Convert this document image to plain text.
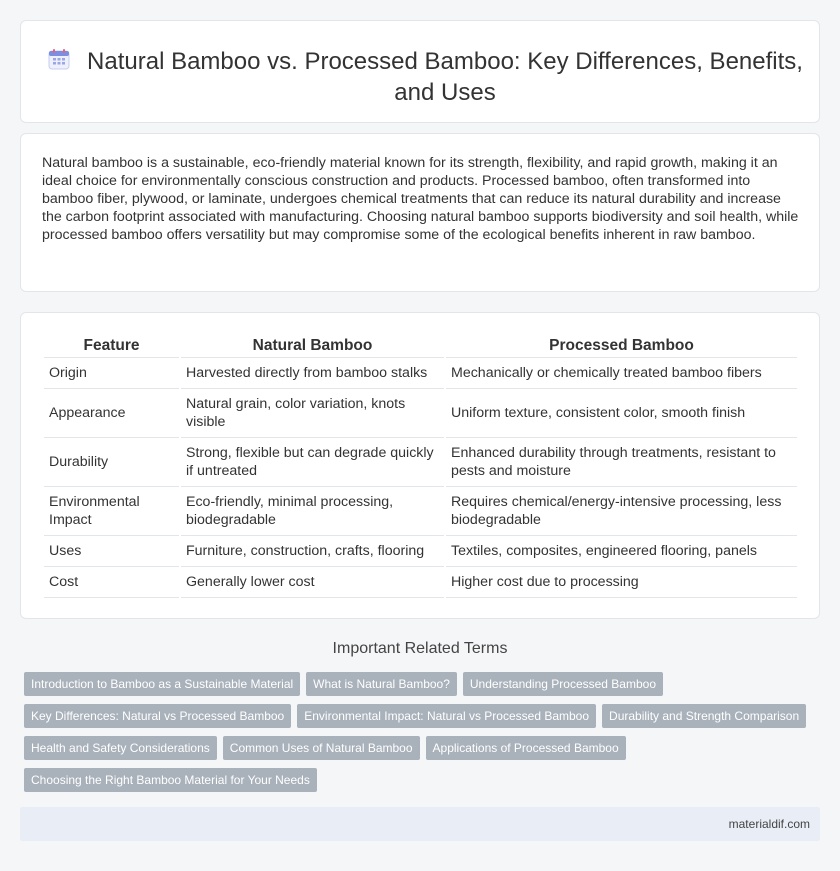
Natural Bamboo vs. Processed Bamboo: Key Differences, Benefits, and Uses

Natural bamboo is a sustainable, eco-friendly material known for its strength, flexibility, and rapid growth, making it an ideal choice for environmentally conscious construction and products. Processed bamboo, often transformed into bamboo fiber, plywood, or laminate, undergoes chemical treatments that can reduce its natural durability and increase the carbon footprint associated with manufacturing. Choosing natural bamboo supports biodiversity and soil health, while processed bamboo offers versatility but may compromise some of the ecological benefits inherent in raw bamboo.

Feature	Natural Bamboo	Processed Bamboo
Origin	Harvested directly from bamboo stalks	Mechanically or chemically treated bamboo fibers
Appearance	Natural grain, color variation, knots visible	Uniform texture, consistent color, smooth finish
Durability	Strong, flexible but can degrade quickly if untreated	Enhanced durability through treatments, resistant to pests and moisture
Environmental Impact	Eco-friendly, minimal processing, biodegradable	Requires chemical/energy-intensive processing, less biodegradable
Uses	Furniture, construction, crafts, flooring	Textiles, composites, engineered flooring, panels
Cost	Generally lower cost	Higher cost due to processing
Important Related Terms
Introduction to Bamboo as a Sustainable Material	What is Natural Bamboo?	Understanding Processed Bamboo
Key Differences: Natural vs Processed Bamboo	Environmental Impact: Natural vs Processed Bamboo	Durability and Strength Comparison
Health and Safety Considerations	Common Uses of Natural Bamboo	Applications of Processed Bamboo
Choosing the Right Bamboo Material for Your Needs
materialdif.com
